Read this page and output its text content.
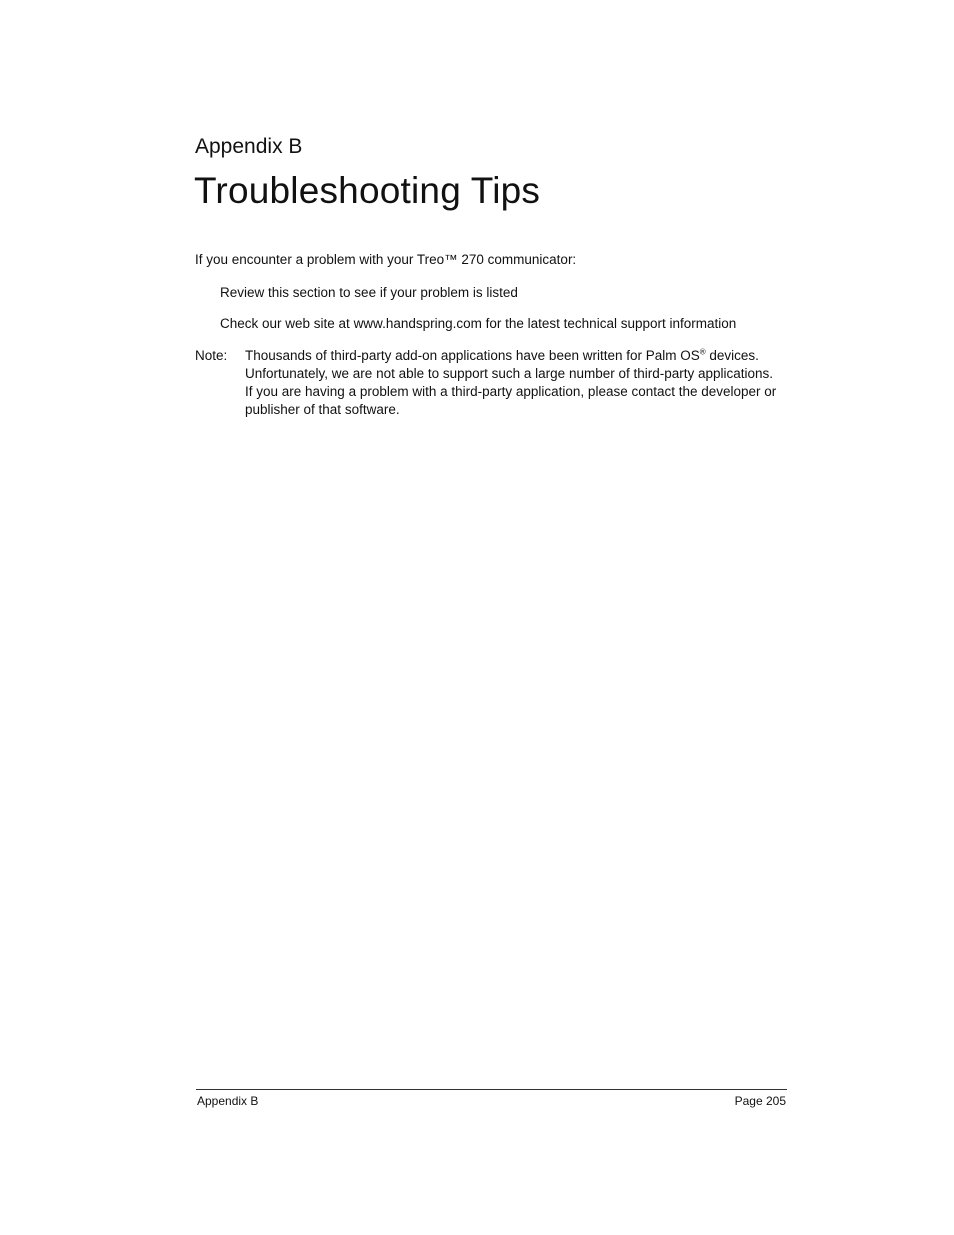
Appendix B
Troubleshooting Tips

If you encounter a problem with your Treo™ 270 communicator:

Review this section to see if your problem is listed

Check our web site at www.handspring.com for the latest technical support information

Note: Thousands of third-party add-on applications have been written for Palm OS® devices.
Unfortunately, we are not able to support such a large number of third-party applications.
If you are having a problem with a third-party application, please contact the developer or
publisher of that software.
Appendix B	Page 205
